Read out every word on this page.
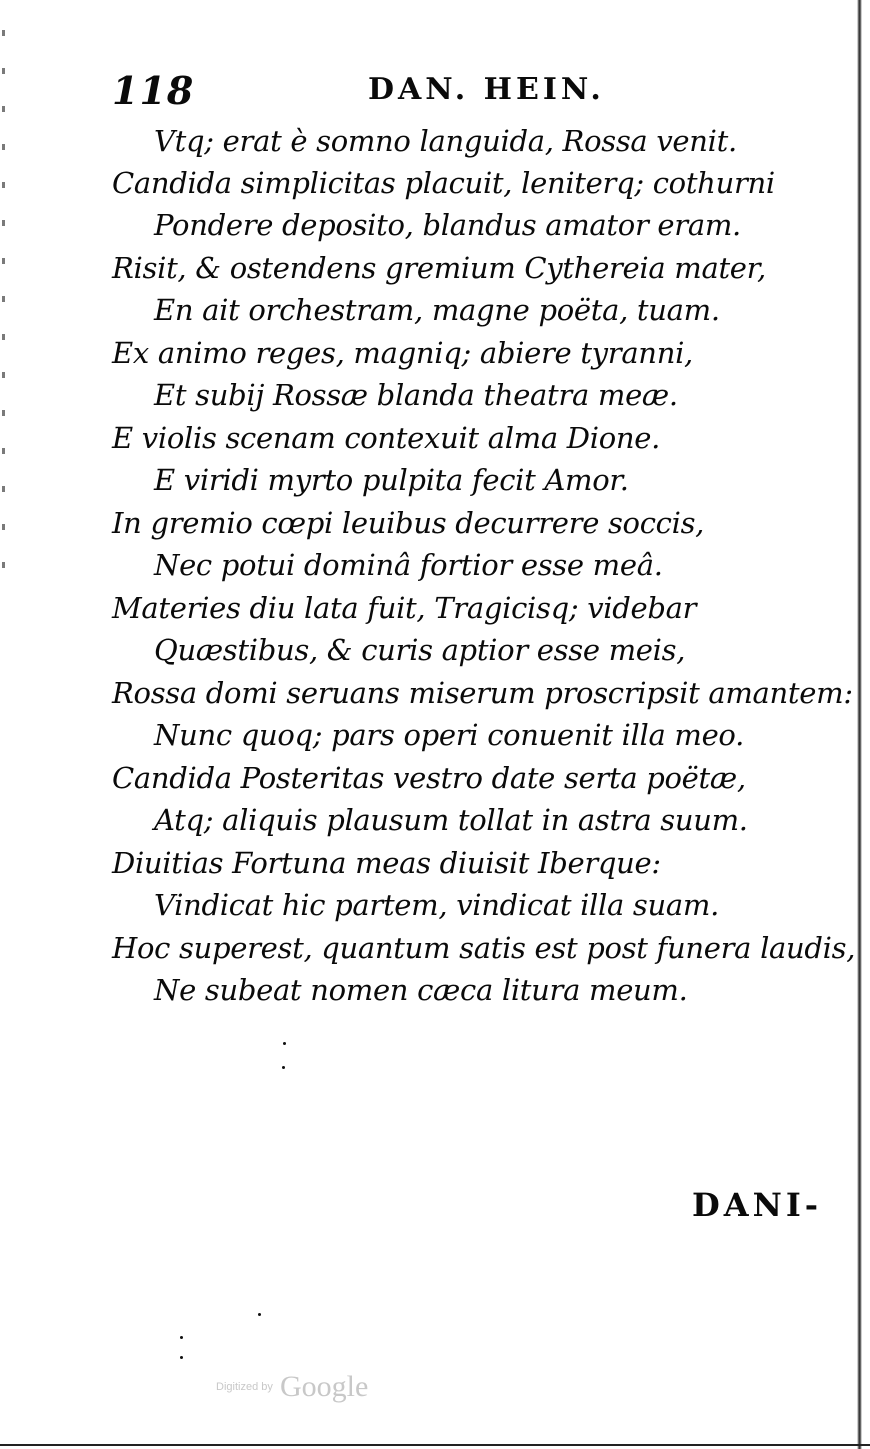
118	DAN. HEIN.
Vtq; erat è somno languida, Rossa venit.
Candida simplicitas placuit, leniterq; cothurni
Pondere deposito, blandus amator eram.
Risit, & ostendens gremium Cythereia mater,
En ait orchestram, magne poëta, tuam.
Ex animo reges, magniq; abiere tyranni,
Et subij Rossæ blanda theatra meæ.
E violis scenam contexuit alma Dione.
E viridi myrto pulpita fecit Amor.
In gremio cœpi leuibus decurrere soccis,
Nec potui dominâ fortior esse meâ.
Materies diu lata fuit, Tragicisq; videbar
Quæstibus, & curis aptior esse meis,
Rossa domi seruans miserum proscripsit amantem:
Nunc quoq; pars operi conuenit illa meo.
Candida Posteritas vestro date serta poëtæ,
Atq; aliquis plausum tollat in astra suum.
Diuitias Fortuna meas diuisit Iberque:
Vindicat hic partem, vindicat illa suam.
Hoc superest, quantum satis est post funera laudis,
Ne subeat nomen cæca litura meum.
DANI-
Digitized by Google
